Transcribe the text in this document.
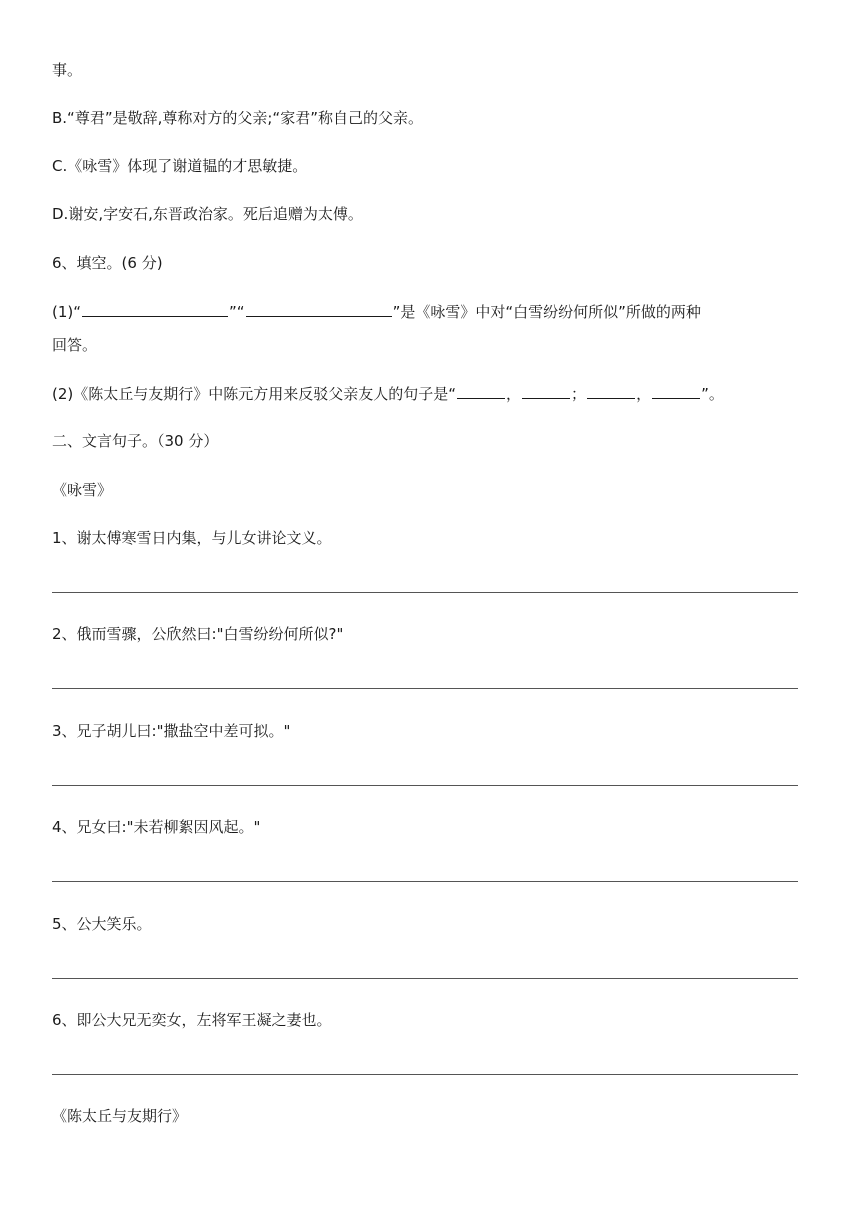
事。
B.“尊君”是敬辞,尊称对方的父亲;“家君”称自己的父亲。
C.《咏雪》体现了谢道韫的才思敏捷。
D.谢安,字安石,东晋政治家。死后追赠为太傅。
6、填空。(6 分)
(1)“	”“	”是《咏雪》中对“白雪纷纷何所似”所做的两种
回答。
(2)《陈太丘与友期行》中陈元方用来反驳父亲友人的句子是“	，	；	，	”。
二、文言句子。（30 分）
《咏雪》
1、谢太傅寒雪日内集，与儿女讲论文义。
2、俄而雪骤，公欣然曰:"白雪纷纷何所似?"
3、兄子胡儿曰:"撒盐空中差可拟。"
4、兄女曰:"未若柳絮因风起。"
5、公大笑乐。
6、即公大兄无奕女，左将军王凝之妻也。
《陈太丘与友期行》
